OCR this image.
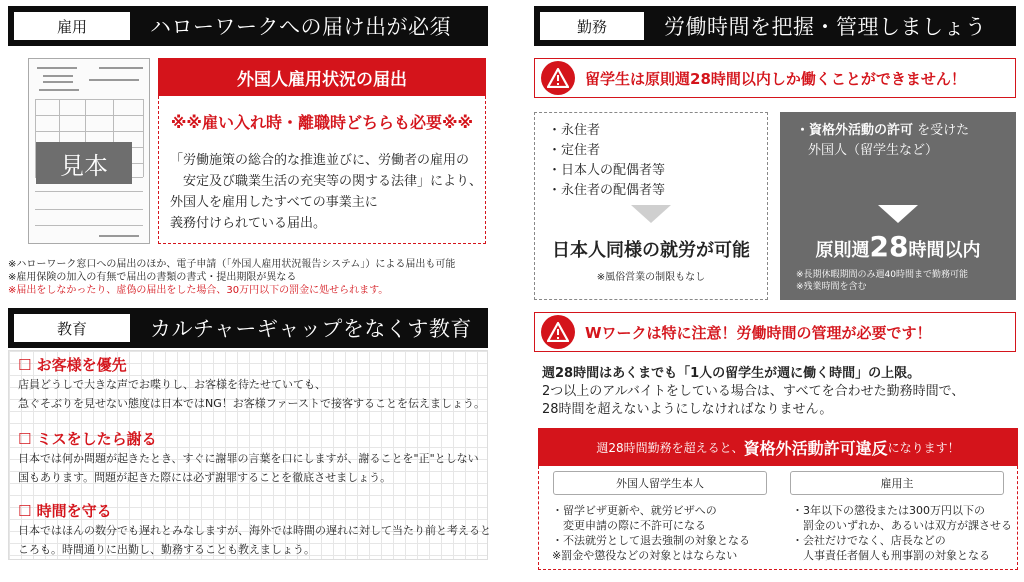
雇用	ハローワークへの届け出が必須
見本
外国人雇用状況の届出
※※雇い入れ時・離職時どちらも必要※※
「労働施策の総合的な推進並びに、労働者の雇用の
　安定及び職業生活の充実等の関する法律」により、
外国人を雇用したすべての事業主に
義務付けられている届出。
※ハローワーク窓口への届出のほか、電子申請（「外国人雇用状況報告システム」）による届出も可能
※雇用保険の加入の有無で届出の書類の書式・提出期限が異なる
※届出をしなかったり、虚偽の届出をした場合、30万円以下の罰金に処せられます。
教育	カルチャーギャップをなくす教育
☐ お客様を優先
店員どうしで大きな声でお喋りし、お客様を待たせていても、
急ぐそぶりを見せない態度は日本ではNG！お客様ファーストで接客することを伝えましょう。
☐ ミスをしたら謝る
日本では何か問題が起きたとき、すぐに謝罪の言葉を口にしますが、謝ることを"正"としない
国もあります。問題が起きた際には必ず謝罪することを徹底させましょう。
☐ 時間を守る
日本ではほんの数分でも遅れとみなしますが、海外では時間の遅れに対して当たり前と考えると
ころも。時間通りに出勤し、勤務することも教えましょう。
勤務	労働時間を把握・管理しましょう
留学生は原則週28時間以内しか働くことができません！
・永住者
・定住者
・日本人の配偶者等
・永住者の配偶者等
日本人同様の就労が可能
※風俗営業の制限もなし
・資格外活動の許可 を受けた
外国人（留学生など）
原則週28時間以内
※長期休暇期間のみ週40時間まで勤務可能
※残業時間を含む
Wワークは特に注意！労働時間の管理が必要です！
週28時間はあくまでも「1人の留学生が週に働く時間」の上限。
2つ以上のアルバイトをしている場合は、すべてを合わせた勤務時間で、
28時間を超えないようにしなければなりません。
週28時間勤務を超えると、 資格外活動許可違反 になります！
外国人留学生本人	雇用主
・留学ビザ更新や、就労ビザへの
　変更申請の際に不許可になる
・不法就労として退去強制の対象となる
※罰金や懲役などの対象とはならない
・3年以下の懲役または300万円以下の
　罰金のいずれか、あるいは双方が課させる
・会社だけでなく、店長などの
　人事責任者個人も刑事罰の対象となる
